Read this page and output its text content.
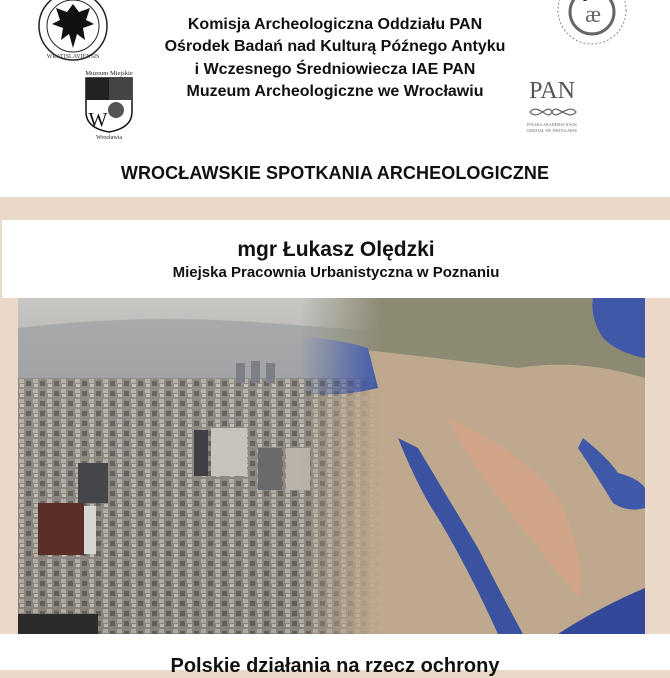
WRATISLAVIENSIS
æ
Muzeum Miejskie
W
Wrocławia
PAN
POLSKA AKADEMIA NAUK
ODDZIAŁ WE WROCŁAWIU
Komisja Archeologiczna Oddziału PAN
Ośrodek Badań nad Kulturą Późnego Antyku
i Wczesnego Średniowiecza IAE PAN
Muzeum Archeologiczne we Wrocławiu
WROCŁAWSKIE SPOTKANIA ARCHEOLOGICZNE
mgr Łukasz Olędzki
Miejska Pracownia Urbanistyczna w Poznaniu
Polskie działania na rzecz ochrony
